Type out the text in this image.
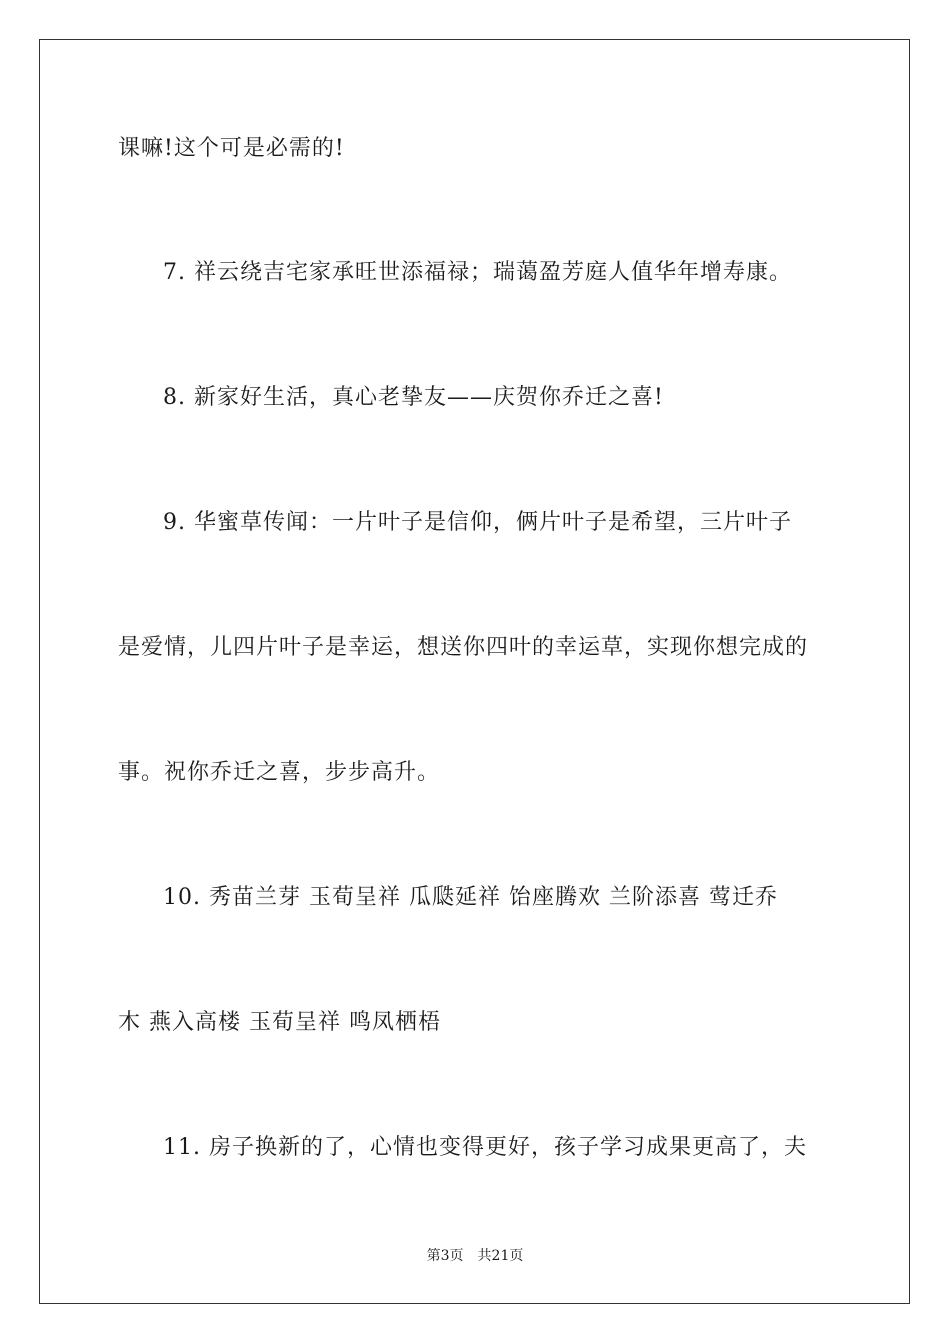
课嘛!这个可是必需的!
7. 祥云绕吉宅家承旺世添福禄；瑞蔼盈芳庭人值华年增寿康。
8. 新家好生活，真心老挚友——庆贺你乔迁之喜!
9. 华蜜草传闻：一片叶子是信仰，俩片叶子是希望，三片叶子
是爱情，儿四片叶子是幸运，想送你四叶的幸运草，实现你想完成的
事。祝你乔迁之喜，步步高升。
10. 秀苗兰芽 玉荀呈祥 瓜瓞延祥 饴座腾欢 兰阶添喜 莺迁乔
木 燕入高楼 玉荀呈祥 鸣凤栖梧
11. 房子换新的了，心情也变得更好，孩子学习成果更高了，夫
第3页 共21页
